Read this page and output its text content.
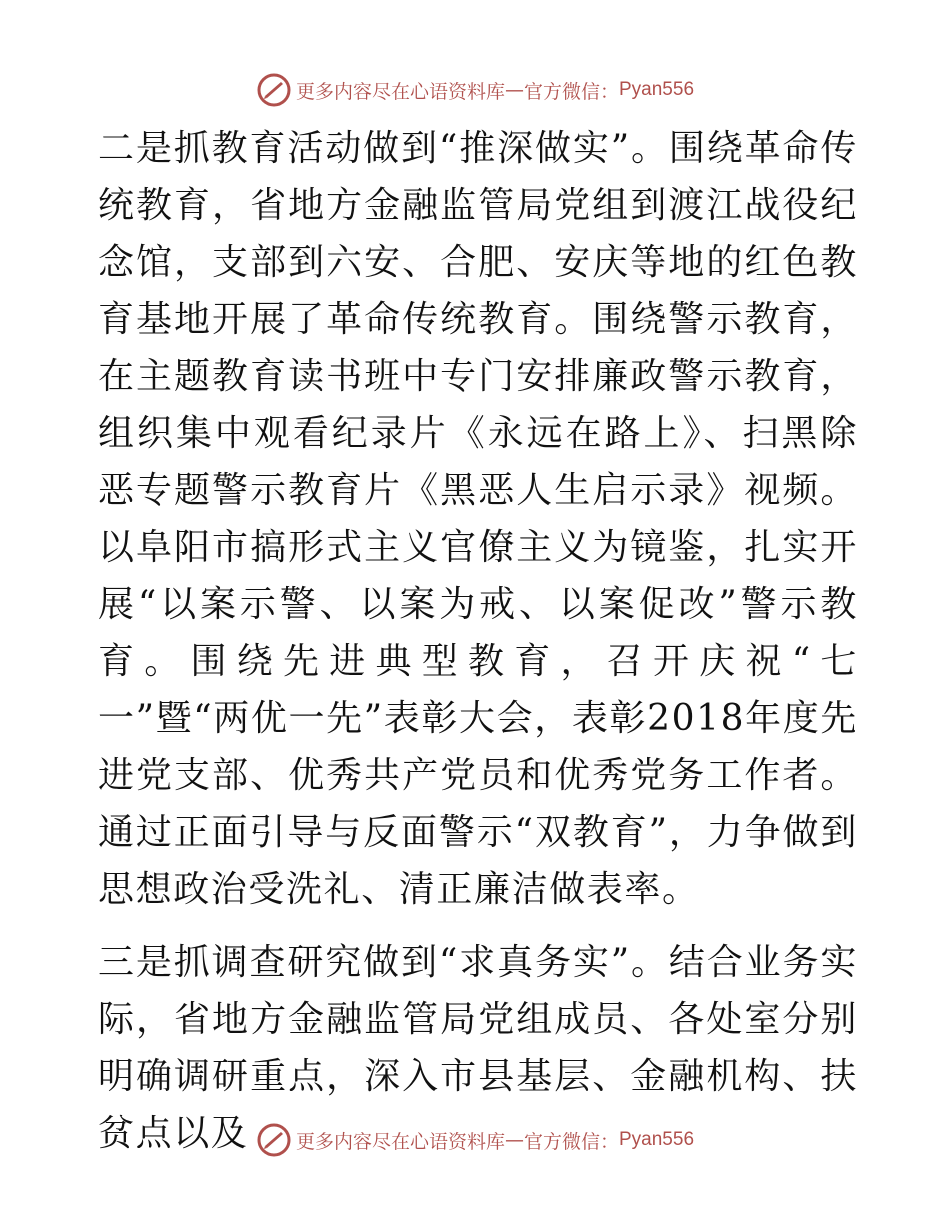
更多内容尽在心语资料库 — 官方微信： Pyan556

二是抓教育活动做到“推深做实”。围绕革命传统教育，省地方金融监管局党组到渡江战役纪念馆，支部到六安、合肥、安庆等地的红色教育基地开展了革命传统教育。围绕警示教育，在主题教育读书班中专门安排廉政警示教育，组织集中观看纪录片《永远在路上》、扫黑除恶专题警示教育片《黑恶人生启示录》视频。以阜阳市搞形式主义官僚主义为镜鉴，扎实开展“以案示警、以案为戒、以案促改”警示教育。围绕先进典型教育，召开庆祝“七一”暨“两优一先”表彰大会，表彰2018年度先进党支部、优秀共产党员和优秀党务工作者。通过正面引导与反面警示“双教育”，力争做到思想政治受洗礼、清正廉洁做表率。

三是抓调查研究做到“求真务实”。结合业务实际，省地方金融监管局党组成员、各处室分别明确调研重点，深入市县基层、金融机构、扶贫点以及	更多内容尽在心语资料库 — 官方微信： Pyan556
